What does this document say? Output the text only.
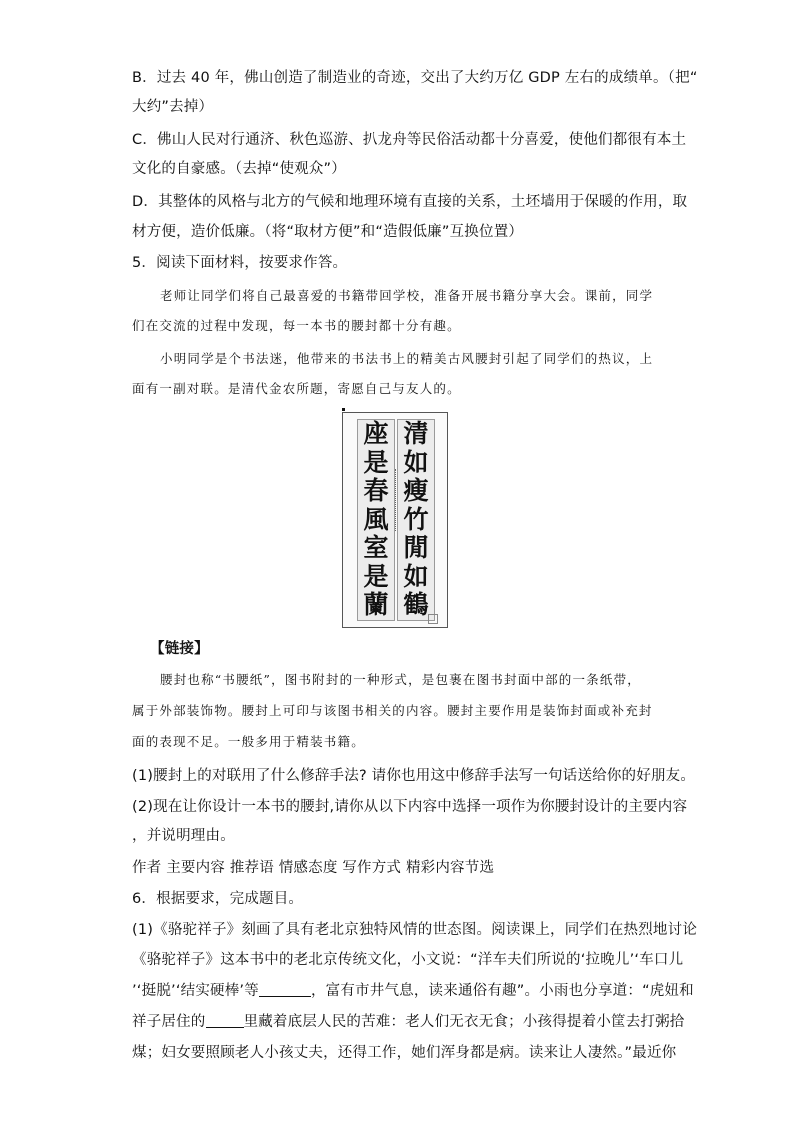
B．过去 40 年，佛山创造了制造业的奇迹，交出了大约万亿 GDP 左右的成绩单。（把“
大约”去掉）
C．佛山人民对行通济、秋色巡游、扒龙舟等民俗活动都十分喜爱，使他们都很有本土
文化的自豪感。（去掉“使观众”）
D．其整体的风格与北方的气候和地理环境有直接的关系，土坯墙用于保暖的作用，取
材方便，造价低廉。（将“取材方便”和“造假低廉”互换位置）
5．阅读下面材料，按要求作答。
老师让同学们将自己最喜爱的书籍带回学校，准备开展书籍分享大会。课前，同学
们在交流的过程中发现，每一本书的腰封都十分有趣。
小明同学是个书法迷，他带来的书法书上的精美古风腰封引起了同学们的热议，上
面有一副对联。是清代金农所题，寄愿自己与友人的。
座
是
春
風
室
是
蘭
清
如
瘦
竹
閒
如
鶴
【链接】
腰封也称“书腰纸”，图书附封的一种形式，是包裹在图书封面中部的一条纸带，
属于外部装饰物。腰封上可印与该图书相关的内容。腰封主要作用是装饰封面或补充封
面的表现不足。一般多用于精装书籍。
(1)腰封上的对联用了什么修辞手法? 请你也用这中修辞手法写一句话送给你的好朋友。
(2)现在让你设计一本书的腰封,请你从以下内容中选择一项作为你腰封设计的主要内容
，并说明理由。
作者 主要内容 推荐语 情感态度 写作方式 精彩内容节选
6．根据要求，完成题目。
(1)《骆驼祥子》刻画了具有老北京独特风情的世态图。阅读课上，同学们在热烈地讨论
《骆驼祥子》这本书中的老北京传统文化，小文说：“洋车夫们所说的‘拉晚儿’‘车口儿
’‘挺脱’‘结实硬棒’等	，富有市井气息，读来通俗有趣”。小雨也分享道：“虎妞和
祥子居住的	里藏着底层人民的苦难：老人们无衣无食；小孩得提着小筐去打粥拾
煤；妇女要照顾老人小孩丈夫，还得工作，她们浑身都是病。读来让人凄然。”最近你
